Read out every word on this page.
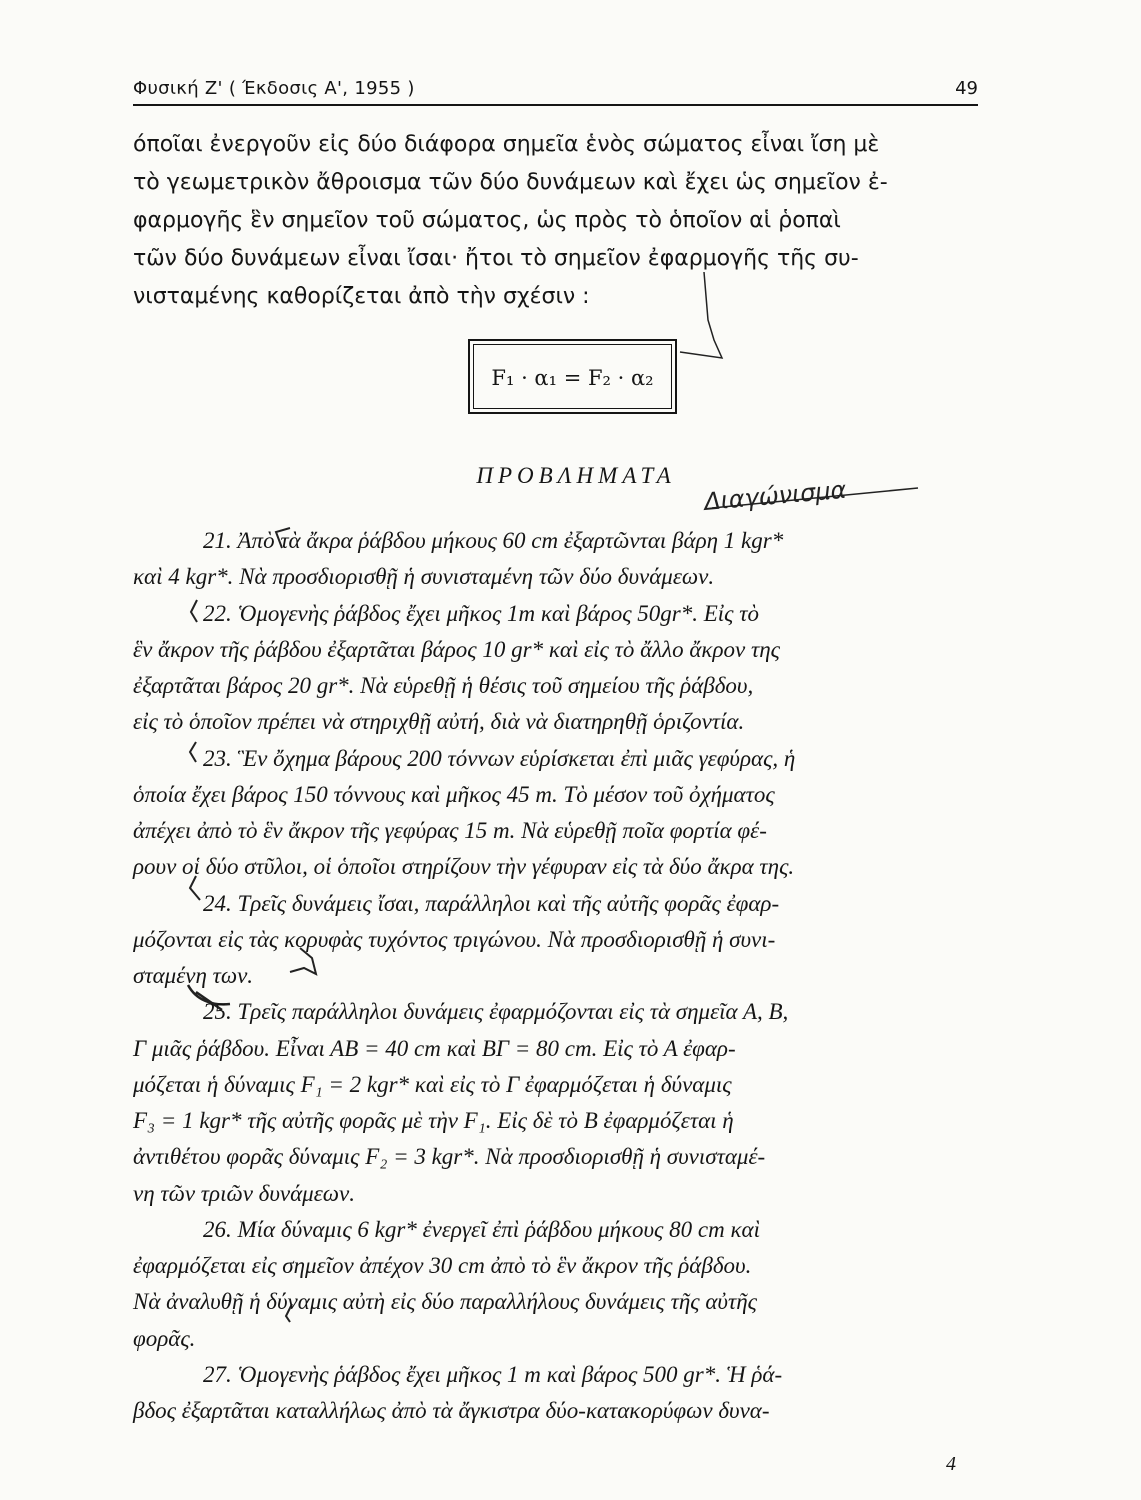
Φυσική Ζ' ( Έκδοσις Α', 1955 )	49
όποῖαι ἐνεργοῦν εἰς δύο διάφορα σημεῖα ἑνὸς σώματος εἶναι ἴση μὲ
τὸ γεωμετρικὸν ἄθροισμα τῶν δύο δυνάμεων καὶ ἔχει ὡς σημεῖον ἐ-
φαρμογῆς ἓν σημεῖον τοῦ σώματος, ὡς πρὸς τὸ ὁποῖον αἱ ῥοπαὶ
τῶν δύο δυνάμεων εἶναι ἴσαι· ἤτοι τὸ σημεῖον ἐφαρμογῆς τῆς συ-
νισταμένης καθορίζεται ἀπὸ τὴν σχέσιν :
F₁ · α₁ = F₂ · α₂
ΠΡΟΒΛΗΜΑΤΑ
Διαγώνισμα
21. Ἀπὸ τὰ ἄκρα ῥάβδου μήκους 60 cm ἐξαρτῶνται βάρη 1 kgr*
καὶ 4 kgr*. Νὰ προσδιορισθῇ ἡ συνισταμένη τῶν δύο δυνάμεων.
22. Ὁμογενὴς ῥάβδος ἔχει μῆκος 1m καὶ βάρος 50gr*. Εἰς τὸ
ἓν ἄκρον τῆς ῥάβδου ἐξαρτᾶται βάρος 10 gr* καὶ εἰς τὸ ἄλλο ἄκρον της
ἐξαρτᾶται βάρος 20 gr*. Νὰ εὑρεθῇ ἡ θέσις τοῦ σημείου τῆς ῥάβδου,
εἰς τὸ ὁποῖον πρέπει νὰ στηριχθῇ αὐτή, διὰ νὰ διατηρηθῇ ὁριζοντία.
23. Ἓν ὄχημα βάρους 200 τόννων εὑρίσκεται ἐπὶ μιᾶς γεφύρας, ἡ
ὁποία ἔχει βάρος 150 τόννους καὶ μῆκος 45 m. Τὸ μέσον τοῦ ὀχήματος
ἀπέχει ἀπὸ τὸ ἓν ἄκρον τῆς γεφύρας 15 m. Νὰ εὑρεθῇ ποῖα φορτία φέ-
ρουν οἱ δύο στῦλοι, οἱ ὁποῖοι στηρίζουν τὴν γέφυραν εἰς τὰ δύο ἄκρα της.
24. Τρεῖς δυνάμεις ἴσαι, παράλληλοι καὶ τῆς αὐτῆς φορᾶς ἐφαρ-
μόζονται εἰς τὰς κορυφὰς τυχόντος τριγώνου. Νὰ προσδιορισθῇ ἡ συνι-
σταμένη των.
25. Τρεῖς παράλληλοι δυνάμεις ἐφαρμόζονται εἰς τὰ σημεῖα Α, Β,
Γ μιᾶς ῥάβδου. Εἶναι ΑΒ = 40 cm καὶ ΒΓ = 80 cm. Εἰς τὸ Α ἐφαρ-
μόζεται ἡ δύναμις F₁ = 2 kgr* καὶ εἰς τὸ Γ ἐφαρμόζεται ἡ δύναμις
F₃ = 1 kgr* τῆς αὐτῆς φορᾶς μὲ τὴν F₁. Εἰς δὲ τὸ Β ἐφαρμόζεται ἡ
ἀντιθέτου φορᾶς δύναμις F₂ = 3 kgr*. Νὰ προσδιορισθῇ ἡ συνισταμέ-
νη τῶν τριῶν δυνάμεων.
26. Μία δύναμις 6 kgr* ἐνεργεῖ ἐπὶ ῥάβδου μήκους 80 cm καὶ
ἐφαρμόζεται εἰς σημεῖον ἀπέχον 30 cm ἀπὸ τὸ ἓν ἄκρον τῆς ῥάβδου.
Νὰ ἀναλυθῇ ἡ δύναμις αὐτὴ εἰς δύο παραλλήλους δυνάμεις τῆς αὐτῆς
φορᾶς.
27. Ὁμογενὴς ῥάβδος ἔχει μῆκος 1 m καὶ βάρος 500 gr*. Ἡ ῥά-
βδος ἐξαρτᾶται καταλλήλως ἀπὸ τὰ ἄγκιστρα δύο-κατακορύφων δυνα-
4
